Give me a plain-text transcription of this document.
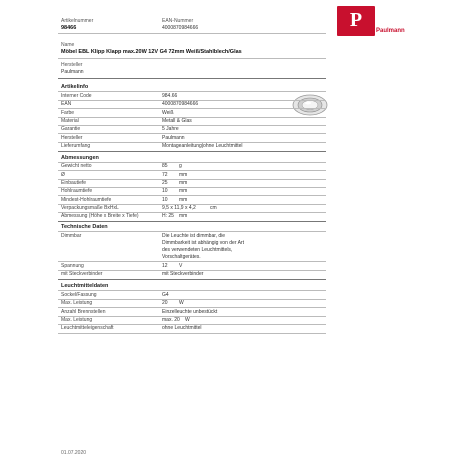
Artikelnummer
98466
EAN-Nummer
4000870984666
Name
Möbel EBL Klipp Klapp max.20W 12V G4 72mm Weiß/Stahlblech/Glas
Hersteller
Paulmann
P	Paulmann
Artikelinfo
Interner Code	984.66
EAN	4000870984666
Farbe	Weiß
Material	Metall & Glas
Garantie	5 Jahre
Hersteller	Paulmann
Lieferumfang	Montageanleitung|ohne Leuchtmittel
Abmessungen
Gewicht netto	85 g
Ø	72 mm
Einbautiefe	25 mm
Hohlraumtiefe	10 mm
Mindest-Hohlraumtiefe	10 mm
Verpackungsmaße BxHxL	9,5 x 11,9 x 4,2	cm
Abmessung (Höhe x Breite x Tiefe)	H: 25 mm
Technische Daten
Dimmbar	Die Leuchte ist dimmbar, die
Dimmbarkeit ist abhängig von der Art
des verwendeten Leuchtmittels,
Vorschaltgerätes.
Spannung	12 V
mit Steckverbinder	mit Steckverbinder
Leuchtmitteldaten
Sockel/Fassung	G4
Max. Leistung	20 W
Anzahl Brennstellen	Einzelleuchte unbestückt
Max. Leistung	max. 20 W
Leuchtmitteleigenschaft	ohne Leuchtmittel
01.07.2020
